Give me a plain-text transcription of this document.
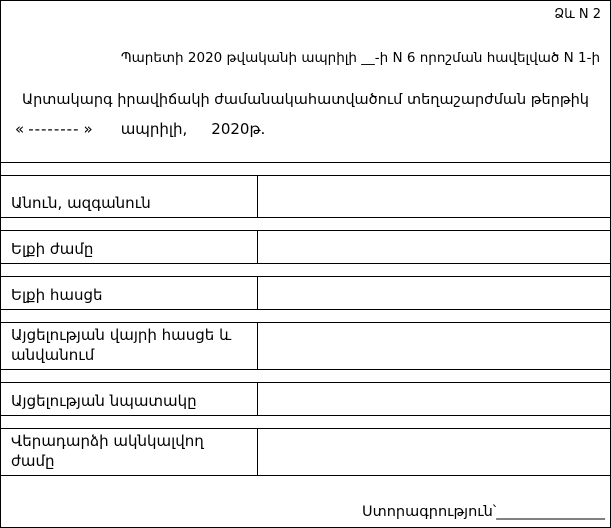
Ձև N 2
Պարետի 2020 թվականի ապրիլի __-ի N 6 որոշման հավելված N 1-ի
Արտակարգ իրավիճակի ժամանակահատվածում տեղաշարժման թերթիկ
« -------- » ապրիլի, 2020թ.
Անուն, ազգանուն
Ելքի ժամը
Ելքի հասցե
Այցելության վայրի հասցե և անվանում
Այցելության նպատակը
Վերադարձի ակնկալվող ժամը
Ստորագրություն՝ _______________
